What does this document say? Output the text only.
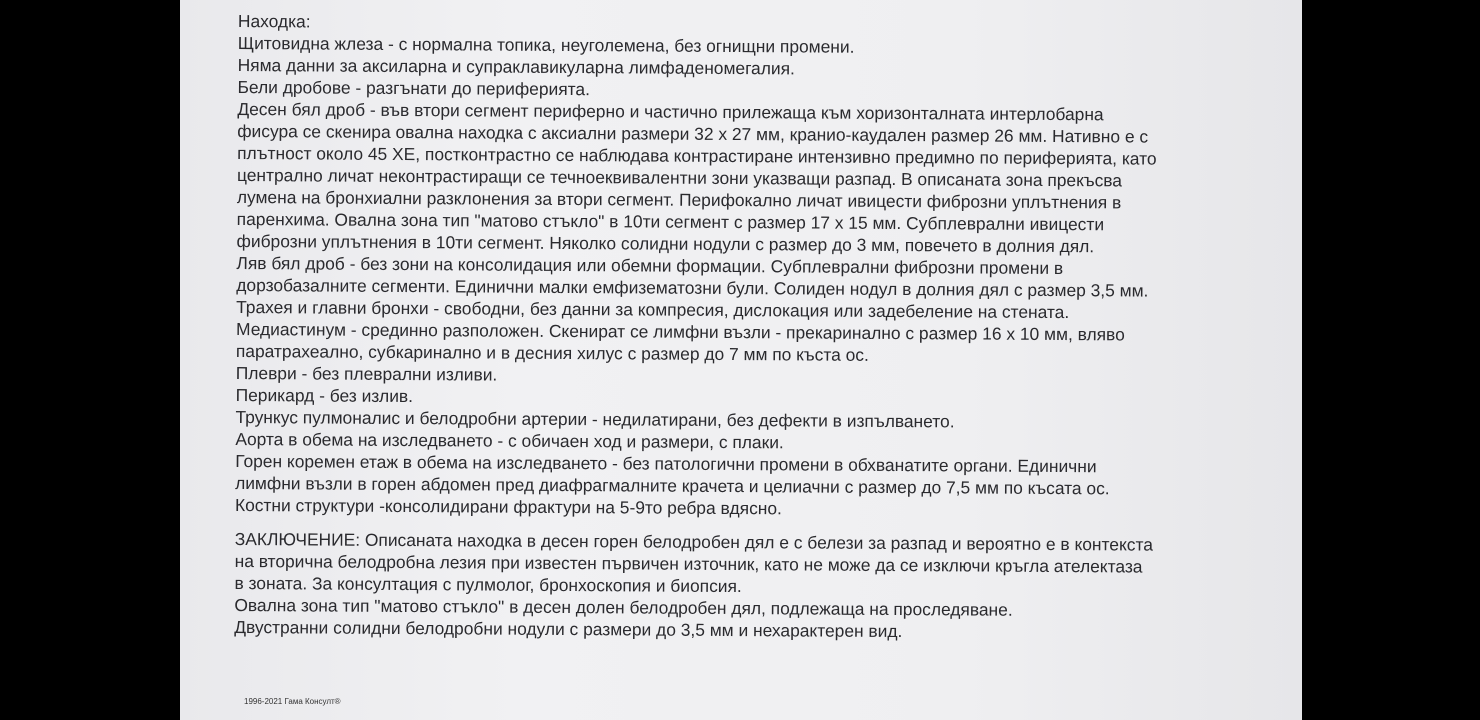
Находка:
Щитовидна жлеза - с нормална топика, неуголемена, без огнищни промени.
Няма данни за аксиларна и супраклавикуларна лимфаденомегалия.
Бели дробове - разгънати до периферията.
Десен бял дроб - във втори сегмент периферно и частично прилежаща към хоризонталната интерлобарна
фисура се скенира овална находка с аксиални размери 32 х 27 мм, кранио-каудален размер 26 мм. Нативно е с
плътност около 45 ХЕ, постконтрастно се наблюдава контрастиране интензивно предимно по периферията, като
централно личат неконтрастиращи се течноеквивалентни зони указващи разпад. В описаната зона прекъсва
лумена на бронхиални разклонения за втори сегмент. Перифокално личат ивицести фиброзни уплътнения в
паренхима. Овална зона тип "матово стъкло" в 10ти сегмент с размер 17 х 15 мм. Субплеврални ивицести
фиброзни уплътнения в 10ти сегмент. Няколко солидни нодули с размер до 3 мм, повечето в долния дял.
Ляв бял дроб - без зони на консолидация или обемни формации. Субплеврални фиброзни промени в
дорзобазалните сегменти. Единични малки емфизематозни були. Солиден нодул в долния дял с размер 3,5 мм.
Трахея и главни бронхи - свободни, без данни за компресия, дислокация или задебеление на стената.
Медиастинум - срединно разположен. Скенират се лимфни възли - прекаринално с размер 16 х 10 мм, вляво
паратрахеално, субкаринално и в десния хилус с размер до 7 мм по къста ос.
Плеври - без плеврални изливи.
Перикард - без излив.
Трункус пулмоналис и белодробни артерии - недилатирани, без дефекти в изпълването.
Аорта в обема на изследването - с обичаен ход и размери, с плаки.
Горен коремен етаж в обема на изследването - без патологични промени в обхванатите органи. Единични
лимфни възли в горен абдомен пред диафрагмалните крачета и целиачни с размер до 7,5 мм по късата ос.
Костни структури -консолидирани фрактури на 5-9то ребра вдясно.
ЗАКЛЮЧЕНИЕ: Описаната находка в десен горен белодробен дял е с белези за разпад и вероятно е в контекста
на вторична белодробна лезия при известен първичен източник, като не може да се изключи кръгла ателектаза
в зоната. За консултация с пулмолог, бронхоскопия и биопсия.
Овална зона тип "матово стъкло" в десен долен белодробен дял, подлежаща на проследяване.
Двустранни солидни белодробни нодули с размери до 3,5 мм и нехарактерен вид.
1996-2021 Гама Консулт®
